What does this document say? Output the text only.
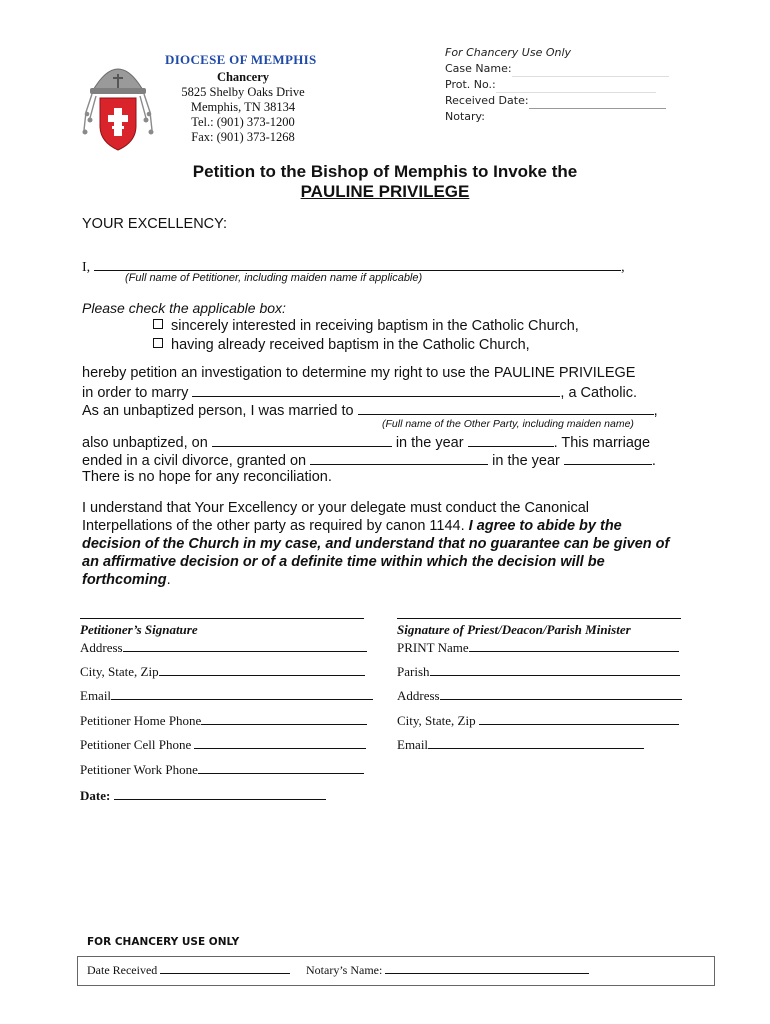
DIOCESE OF MEMPHIS
Chancery
5825 Shelby Oaks Drive
Memphis, TN 38134
Tel.: (901) 373-1200
Fax: (901) 373-1268
For Chancery Use Only
Case Name:
Prot. No.:
Received Date:
Notary:
Petition to the Bishop of Memphis to Invoke the
PAULINE PRIVILEGE
YOUR EXCELLENCY:
I,	,
(Full name of Petitioner, including maiden name if applicable)
Please check the applicable box:
sincerely interested in receiving baptism in the Catholic Church,
having already received baptism in the Catholic Church,
hereby petition an investigation to determine my right to use the PAULINE PRIVILEGE
in order to marry	, a Catholic.
As an unbaptized person, I was married to	,
(Full name of the Other Party, including maiden name)
also unbaptized, on	in the year	. This marriage
ended in a civil divorce, granted on	in the year	.
There is no hope for any reconciliation.
I understand that Your Excellency or your delegate must conduct the Canonical Interpellations of the other party as required by canon 1144. I agree to abide by the decision of the Church in my case, and understand that no guarantee can be given of an affirmative decision or of a definite time within which the decision will be forthcoming.
Petitioner’s Signature
Address
City, State, Zip
Email
Petitioner Home Phone
Petitioner Cell Phone
Petitioner Work Phone
Date:
Signature of Priest/Deacon/Parish Minister
PRINT Name
Parish
Address
City, State, Zip
Email
FOR CHANCERY USE ONLY
Date Received	Notary’s Name:
